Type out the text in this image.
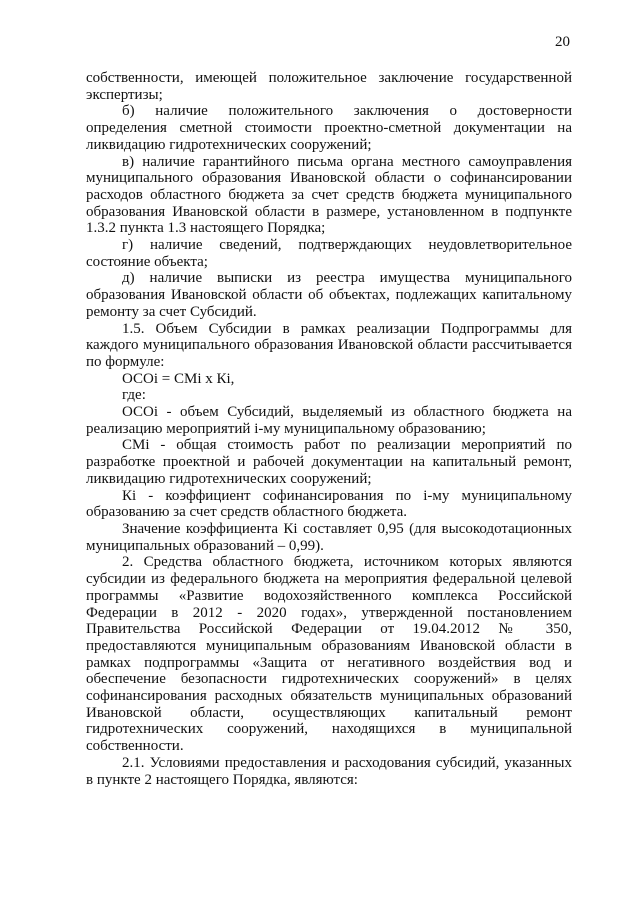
20

собственности, имеющей положительное заключение государственной экспертизы;

б) наличие положительного заключения о достоверности определения сметной стоимости проектно-сметной документации на ликвидацию гидротехнических сооружений;

в) наличие гарантийного письма органа местного самоуправления муниципального образования Ивановской области о софинансировании расходов областного бюджета за счет средств бюджета муниципального образования Ивановской области в размере, установленном в подпункте 1.3.2 пункта 1.3 настоящего Порядка;

г) наличие сведений, подтверждающих неудовлетворительное состояние объекта;

д) наличие выписки из реестра имущества муниципального образования Ивановской области об объектах, подлежащих капитальному ремонту за счет Субсидий.

1.5. Объем Субсидии в рамках реализации Подпрограммы для каждого муниципального образования Ивановской области рассчитывается по формуле:

ОСОi = СМi x Кi,

где:

ОСОi - объем Субсидий, выделяемый из областного бюджета на реализацию мероприятий i-му муниципальному образованию;

СМi - общая стоимость работ по реализации мероприятий по разработке проектной и рабочей документации на капитальный ремонт, ликвидацию гидротехнических сооружений;

Кi - коэффициент софинансирования по i-му муниципальному образованию за счет средств областного бюджета.

Значение коэффициента Кi составляет 0,95 (для высокодотационных муниципальных образований – 0,99).

2. Средства областного бюджета, источником которых являются субсидии из федерального бюджета на мероприятия федеральной целевой программы «Развитие водохозяйственного комплекса Российской Федерации в 2012 - 2020 годах», утвержденной постановлением Правительства Российской Федерации от 19.04.2012 № 350, предоставляются муниципальным образованиям Ивановской области в рамках подпрограммы «Защита от негативного воздействия вод и обеспечение безопасности гидротехнических сооружений» в целях софинансирования расходных обязательств муниципальных образований Ивановской области, осуществляющих капитальный ремонт гидротехнических сооружений, находящихся в муниципальной собственности.

2.1. Условиями предоставления и расходования субсидий, указанных в пункте 2 настоящего Порядка, являются:
